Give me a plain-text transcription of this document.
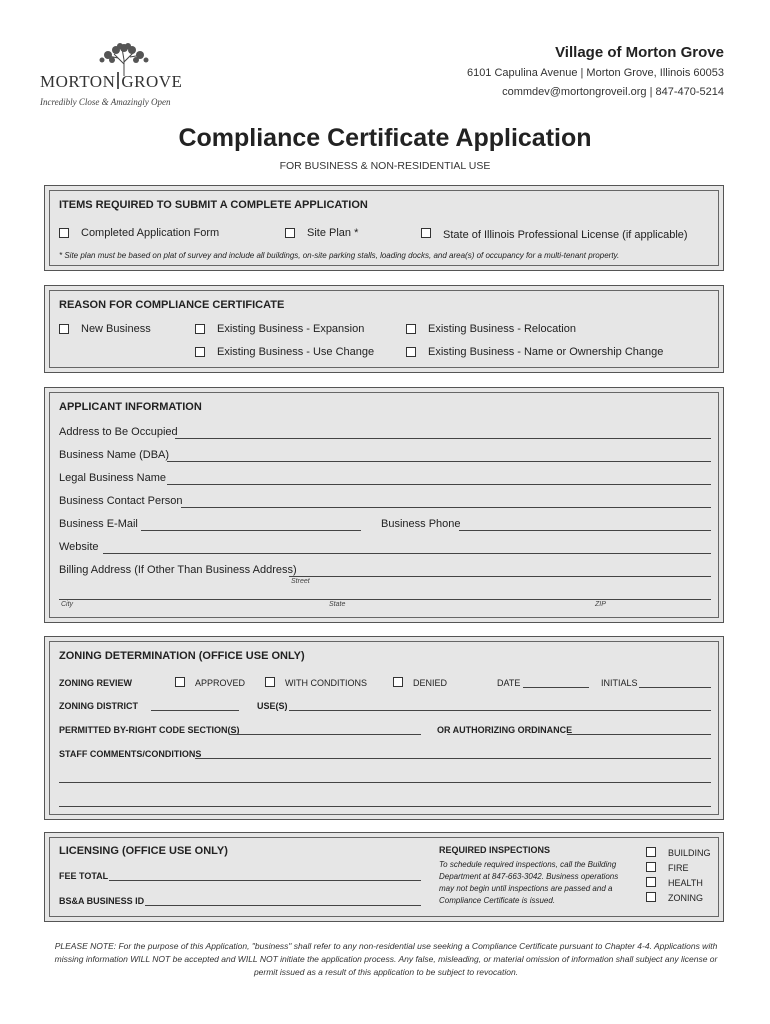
MORTON GROVE
Incredibly Close & Amazingly Open
Village of Morton Grove
6101 Capulina Avenue | Morton Grove, Illinois 60053
commdev@mortongroveil.org | 847-470-5214
Compliance Certificate Application
FOR BUSINESS & NON-RESIDENTIAL USE
ITEMS REQUIRED TO SUBMIT A COMPLETE APPLICATION
Completed Application Form	Site Plan *	State of Illinois Professional License (if applicable)
* Site plan must be based on plat of survey and include all buildings, on-site parking stalls, loading docks, and area(s) of occupancy for a multi-tenant property.
REASON FOR COMPLIANCE CERTIFICATE
New Business	Existing Business - Expansion	Existing Business - Relocation
Existing Business - Use Change	Existing Business - Name or Ownership Change
APPLICANT INFORMATION
Address to Be Occupied
Business Name (DBA)
Legal Business Name
Business Contact Person
Business E-Mail	Business Phone
Website
Billing Address (If Other Than Business Address)
Street
City	State	ZIP
ZONING DETERMINATION (OFFICE USE ONLY)
ZONING REVIEW	APPROVED	WITH CONDITIONS	DENIED	DATE	INITIALS
ZONING DISTRICT	USE(S)
PERMITTED BY-RIGHT CODE SECTION(S)	OR AUTHORIZING ORDINANCE
STAFF COMMENTS/CONDITIONS
LICENSING (OFFICE USE ONLY)
FEE TOTAL
BS&A BUSINESS ID
REQUIRED INSPECTIONS
To schedule required inspections, call the Building
Department at 847-663-3042. Business operations
may not begin until inspections are passed and a
Compliance Certificate is issued.
BUILDING
FIRE
HEALTH
ZONING
PLEASE NOTE: For the purpose of this Application, "business" shall refer to any non-residential use seeking a Compliance Certificate pursuant to Chapter 4-4. Applications with missing information WILL NOT be accepted and WILL NOT initiate the application process. Any false, misleading, or material omission of information shall subject any license or permit issued as a result of this application to be subject to revocation.
